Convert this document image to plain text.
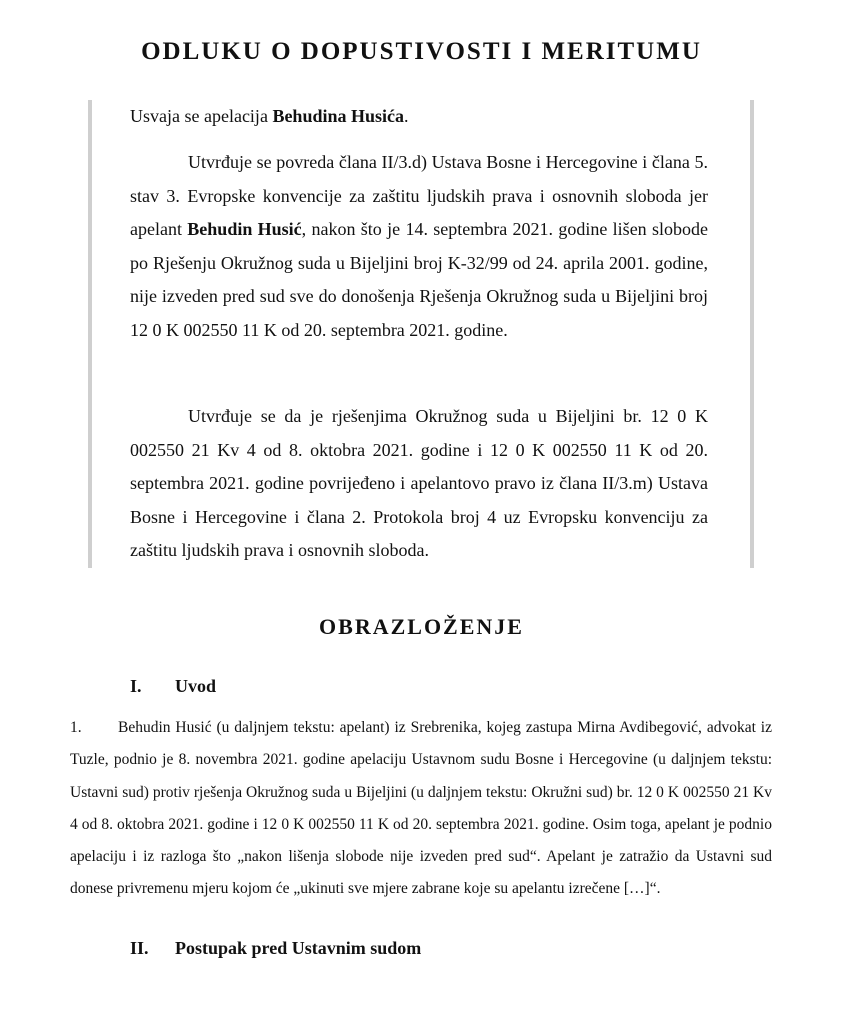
ODLUKU O DOPUSTIVOSTI I MERITUMU
Usvaja se apelacija Behudina Husića.
Utvrđuje se povreda člana II/3.d) Ustava Bosne i Hercegovine i člana 5. stav 3. Evropske konvencije za zaštitu ljudskih prava i osnovnih sloboda jer apelant Behudin Husić, nakon što je 14. septembra 2021. godine lišen slobode po Rješenju Okružnog suda u Bijeljini broj K-32/99 od 24. aprila 2001. godine, nije izveden pred sud sve do donošenja Rješenja Okružnog suda u Bijeljini broj 12 0 K 002550 11 K od 20. septembra 2021. godine.
Utvrđuje se da je rješenjima Okružnog suda u Bijeljini br. 12 0 K 002550 21 Kv 4 od 8. oktobra 2021. godine i 12 0 K 002550 11 K od 20. septembra 2021. godine povrijeđeno i apelantovo pravo iz člana II/3.m) Ustava Bosne i Hercegovine i člana 2. Protokola broj 4 uz Evropsku konvenciju za zaštitu ljudskih prava i osnovnih sloboda.
OBRAZLOŽENJE
I. Uvod
1. Behudin Husić (u daljnjem tekstu: apelant) iz Srebrenika, kojeg zastupa Mirna Avdibegović, advokat iz Tuzle, podnio je 8. novembra 2021. godine apelaciju Ustavnom sudu Bosne i Hercegovine (u daljnjem tekstu: Ustavni sud) protiv rješenja Okružnog suda u Bijeljini (u daljnjem tekstu: Okružni sud) br. 12 0 K 002550 21 Kv 4 od 8. oktobra 2021. godine i 12 0 K 002550 11 K od 20. septembra 2021. godine. Osim toga, apelant je podnio apelaciju i iz razloga što „nakon lišenja slobode nije izveden pred sud“. Apelant je zatražio da Ustavni sud donese privremenu mjeru kojom će „ukinuti sve mjere zabrane koje su apelantu izrečene […]“.
II. Postupak pred Ustavnim sudom
